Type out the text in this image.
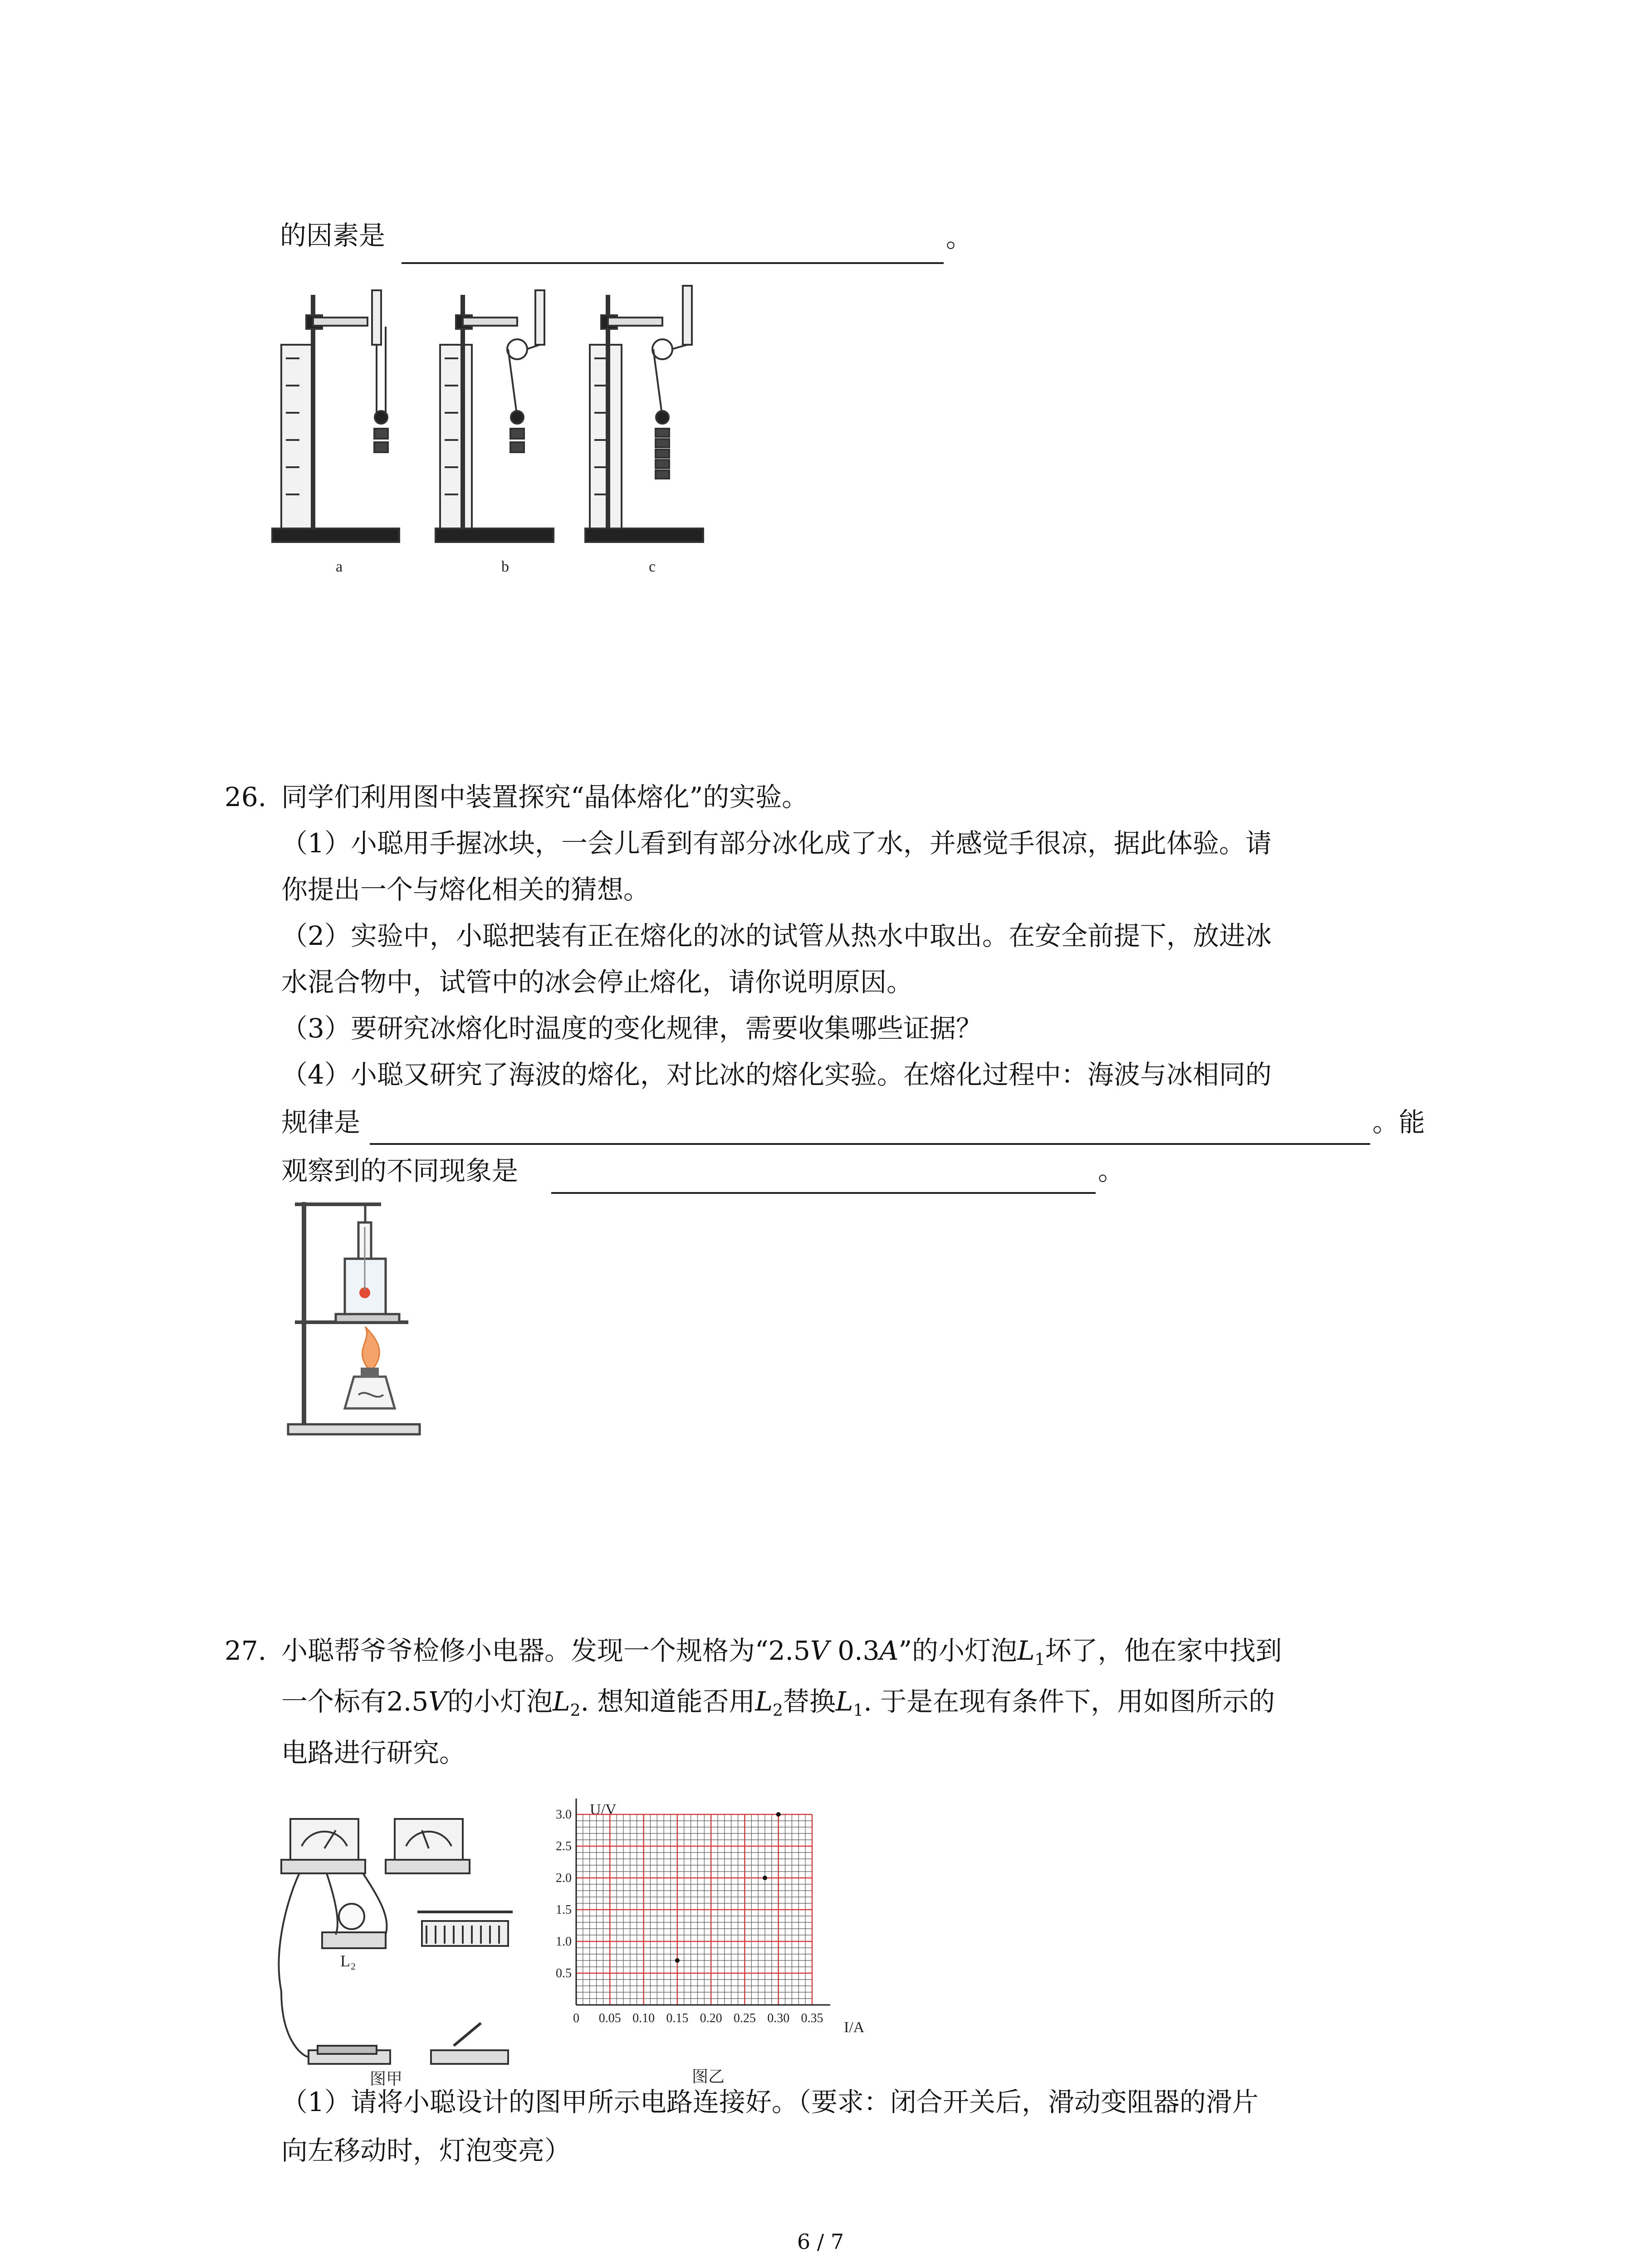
的因素是	。
a	b	c
26. 同学们利用图中装置探究“晶体熔化”的实验。
（1）小聪用手握冰块，一会儿看到有部分冰化成了水，并感觉手很凉，据此体验。请
你提出一个与熔化相关的猜想。
（2）实验中，小聪把装有正在熔化的冰的试管从热水中取出。在安全前提下，放进冰
水混合物中，试管中的冰会停止熔化，请你说明原因。
（3）要研究冰熔化时温度的变化规律，需要收集哪些证据？
（4）小聪又研究了海波的熔化，对比冰的熔化实验。在熔化过程中：海波与冰相同的
规律是	。能
观察到的不同现象是	。
27. 小聪帮爷爷检修小电器。发现一个规格为“2.5V 0.3A”的小灯泡$L_1$坏了，他在家中找到
一个标有2.5V的小灯泡$L_2$. 想知道能否用$L_2$替换$L_1$. 于是在现有条件下，用如图所示的
电路进行研究。
L₂
图甲
U/V
I/A
图乙
3.0
2.5
2.0
1.5
1.0
0.5
0 0.05 0.10 0.15 0.20 0.25 0.30 0.35
（1）请将小聪设计的图甲所示电路连接好。（要求：闭合开关后，滑动变阻器的滑片
向左移动时，灯泡变亮）
6 / 7
